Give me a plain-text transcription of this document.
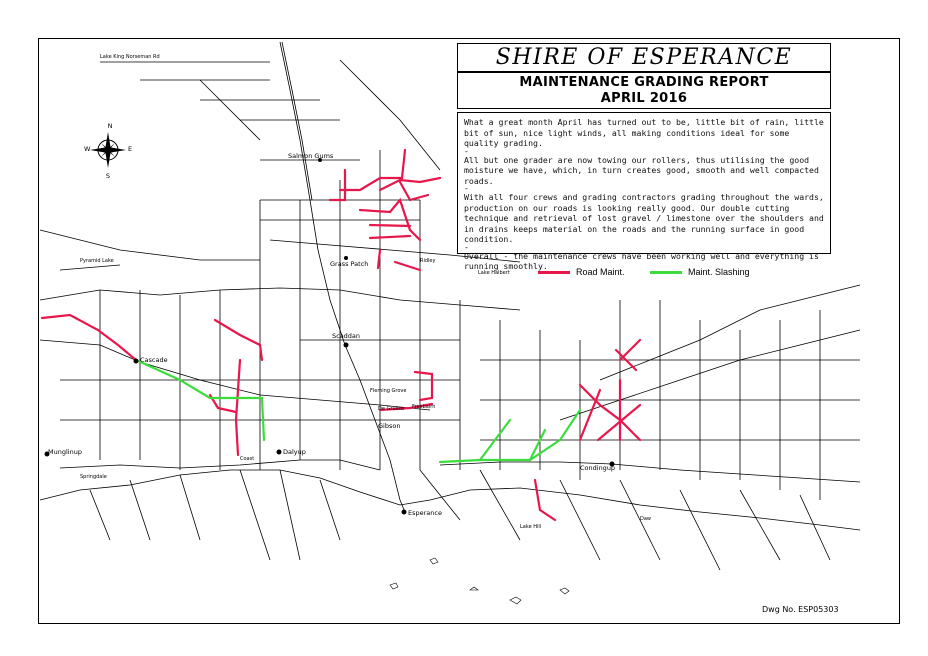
N
S
E
W
Salmon Gums
Grass Patch
Scaddan
Cascade
Munglinup	Dalyup
Gibson
Esperance
Condingup
Pyramid Lake
Lake Halbert
Lake King Norseman Rd
Springdale
Fleming Grove
De Grussa Freebairn
Coast
Ridley
Lake Hill
Daw
SHIRE OF ESPERANCE
MAINTENANCE GRADING REPORT
APRIL 2016

What a great month April has turned out to be, little bit of rain, little bit of sun, nice light winds, all making conditions ideal for some quality grading.

-

All but one grader are now towing our rollers, thus utilising the good moisture we have, which, in turn creates good, smooth and well compacted roads.

-

With all four crews and grading contractors grading throughout the wards, production on our roads is looking really good. Our double cutting technique and retrieval of lost gravel / limestone over the shoulders and in drains keeps material on the roads and the running surface in good condition.

-

Overall - the maintenance crews have been working well and everything is running smoothly.

Road Maint.	Maint. Slashing
Dwg No. ESP05303
